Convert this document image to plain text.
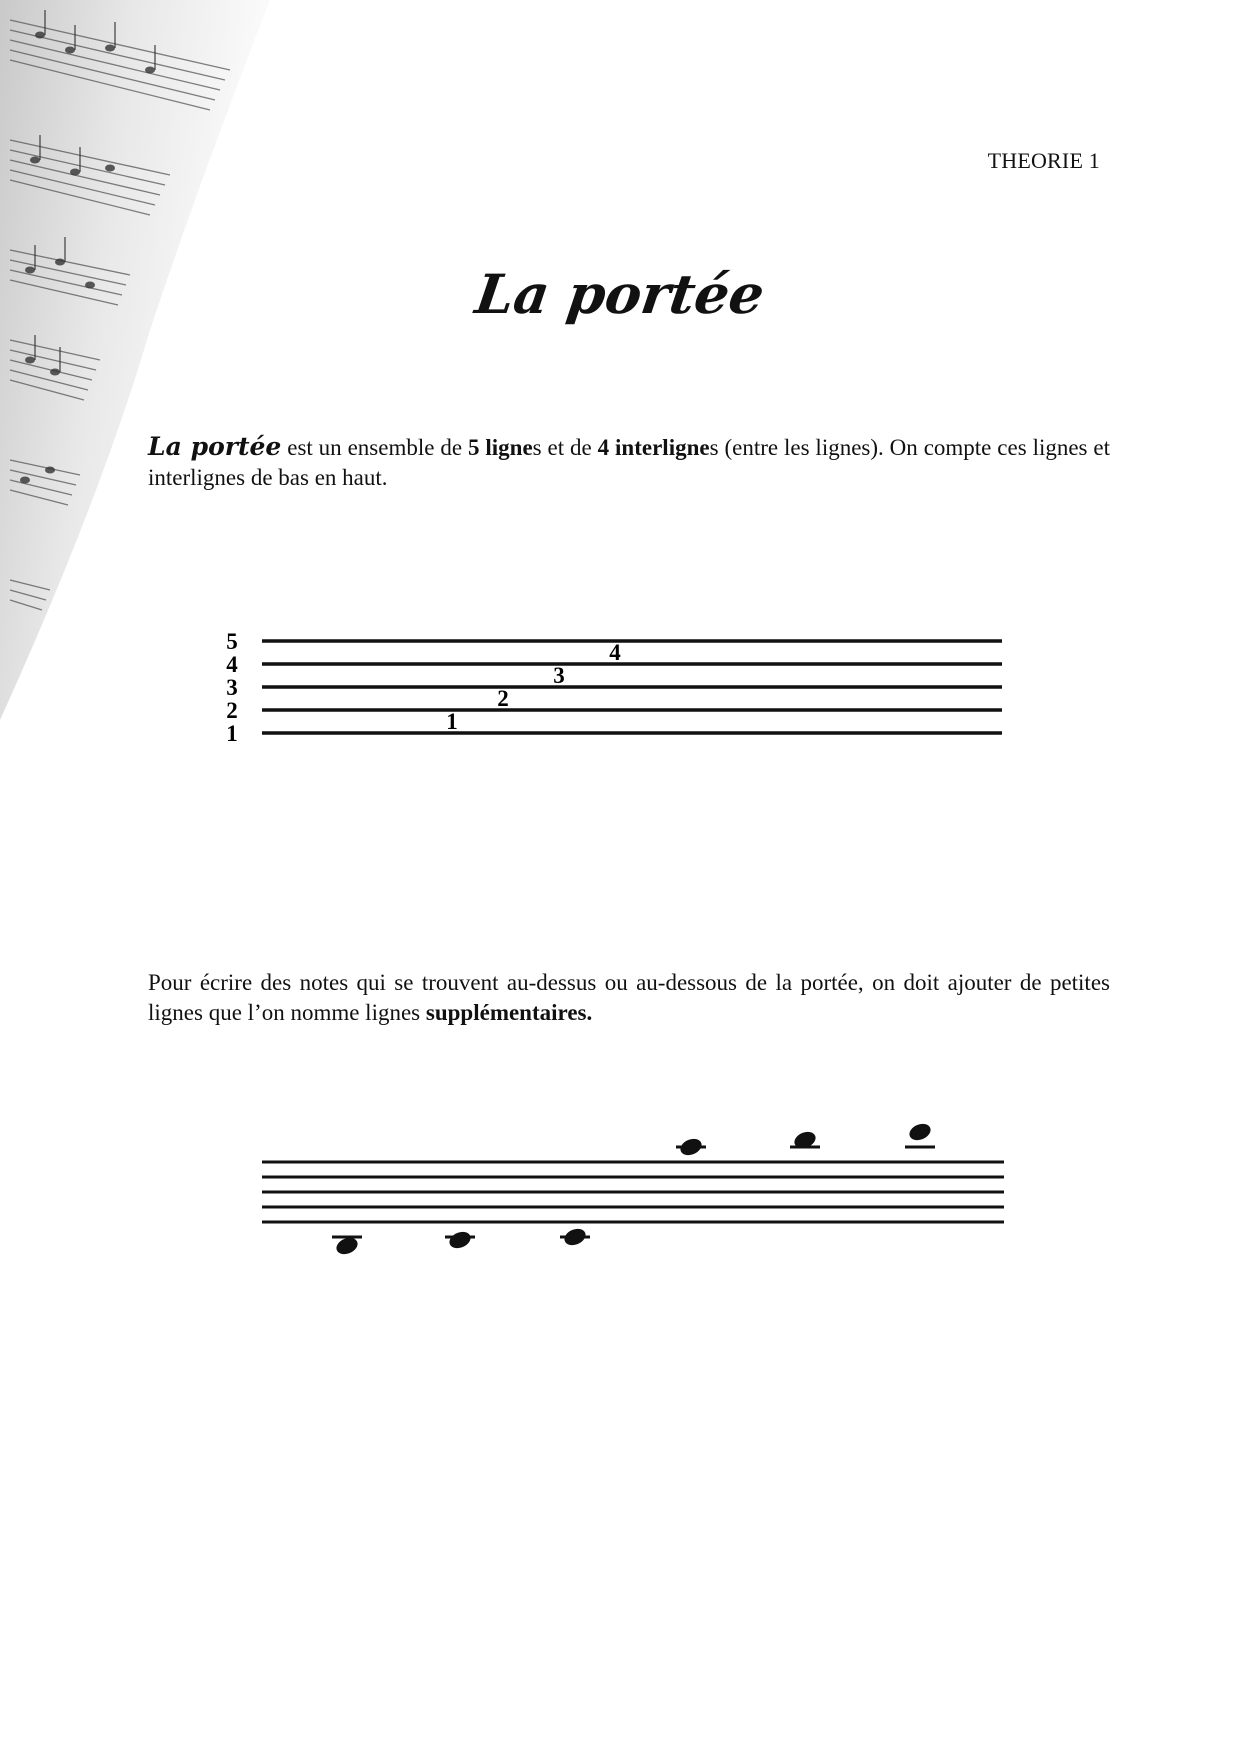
THEORIE 1
La portée
La portée est un ensemble de 5 lignes et de 4 interlignes (entre les lignes). On compte ces lignes et interlignes de bas en haut.
5
4
3
2
1	1
2
3
4
Pour écrire des notes qui se trouvent au-dessus ou au-dessous de la portée, on doit ajouter de petites lignes que l’on nomme lignes supplémentaires.
